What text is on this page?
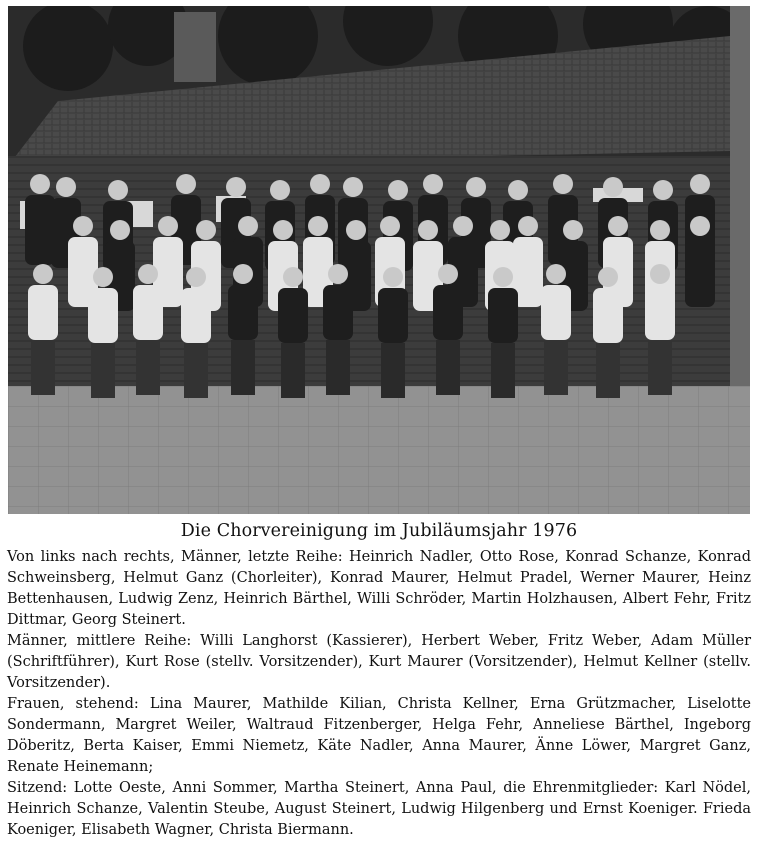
Die Chorvereinigung im Jubiläumsjahr 1976

Von links nach rechts, Männer, letzte Reihe: Heinrich Nadler, Otto Rose, Konrad Schanze, Konrad Schweinsberg, Helmut Ganz (Chorleiter), Konrad Maurer, Helmut Pradel, Werner Maurer, Heinz Bettenhausen, Ludwig Zenz, Heinrich Bärthel, Willi Schröder, Martin Holzhausen, Albert Fehr, Fritz Dittmar, Georg Steinert.

Männer, mittlere Reihe: Willi Langhorst (Kassierer), Herbert Weber, Fritz Weber, Adam Müller (Schriftführer), Kurt Rose (stellv. Vorsitzender), Kurt Maurer (Vorsitzender), Helmut Kellner (stellv. Vorsitzender).

Frauen, stehend: Lina Maurer, Mathilde Kilian, Christa Kellner, Erna Grützmacher, Liselotte Sondermann, Margret Weiler, Waltraud Fitzenberger, Helga Fehr, Anneliese Bärthel, Ingeborg Döberitz, Berta Kaiser, Emmi Niemetz, Käte Nadler, Anna Maurer, Änne Löwer, Margret Ganz, Renate Heinemann;

Sitzend: Lotte Oeste, Anni Sommer, Martha Steinert, Anna Paul, die Ehrenmitglieder: Karl Nödel, Heinrich Schanze, Valentin Steube, August Steinert, Ludwig Hilgenberg und Ernst Koeniger. Frieda Koeniger, Elisabeth Wagner, Christa Biermann.
